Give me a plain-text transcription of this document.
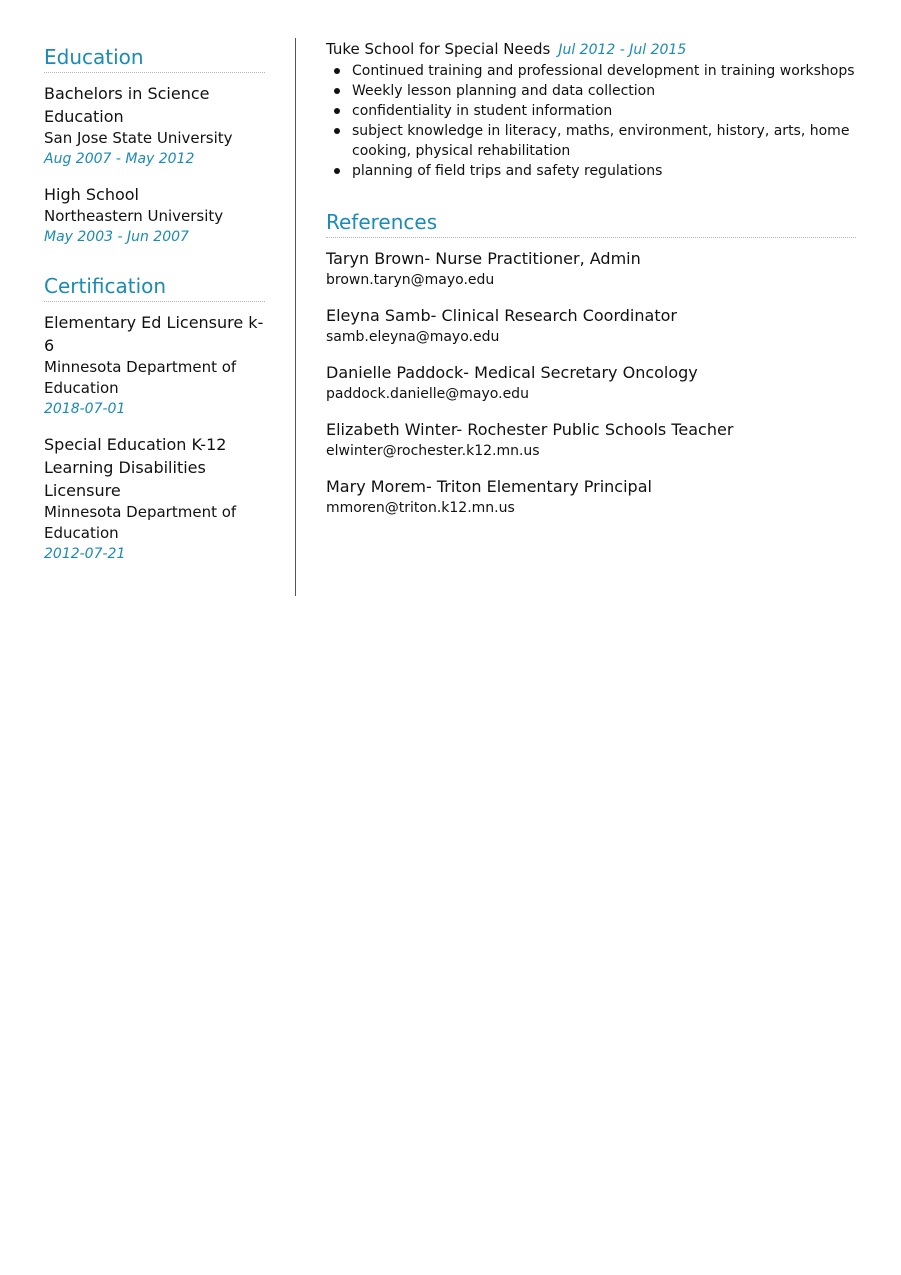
Education
Bachelors in Science Education
San Jose State University
Aug 2007 - May 2012
High School
Northeastern University
May 2003 - Jun 2007
Certification
Elementary Ed Licensure k-6
Minnesota Department of Education
2018-07-01
Special Education K-12 Learning Disabilities Licensure
Minnesota Department of Education
2012-07-21
Tuke School for Special Needs Jul 2012 - Jul 2015
Continued training and professional development in training workshops
Weekly lesson planning and data collection
confidentiality in student information
subject knowledge in literacy, maths, environment, history, arts, home cooking, physical rehabilitation
planning of field trips and safety regulations
References
Taryn Brown- Nurse Practitioner, Admin
brown.taryn@mayo.edu
Eleyna Samb- Clinical Research Coordinator
samb.eleyna@mayo.edu
Danielle Paddock- Medical Secretary Oncology
paddock.danielle@mayo.edu
Elizabeth Winter- Rochester Public Schools Teacher
elwinter@rochester.k12.mn.us
Mary Morem- Triton Elementary Principal
mmoren@triton.k12.mn.us
